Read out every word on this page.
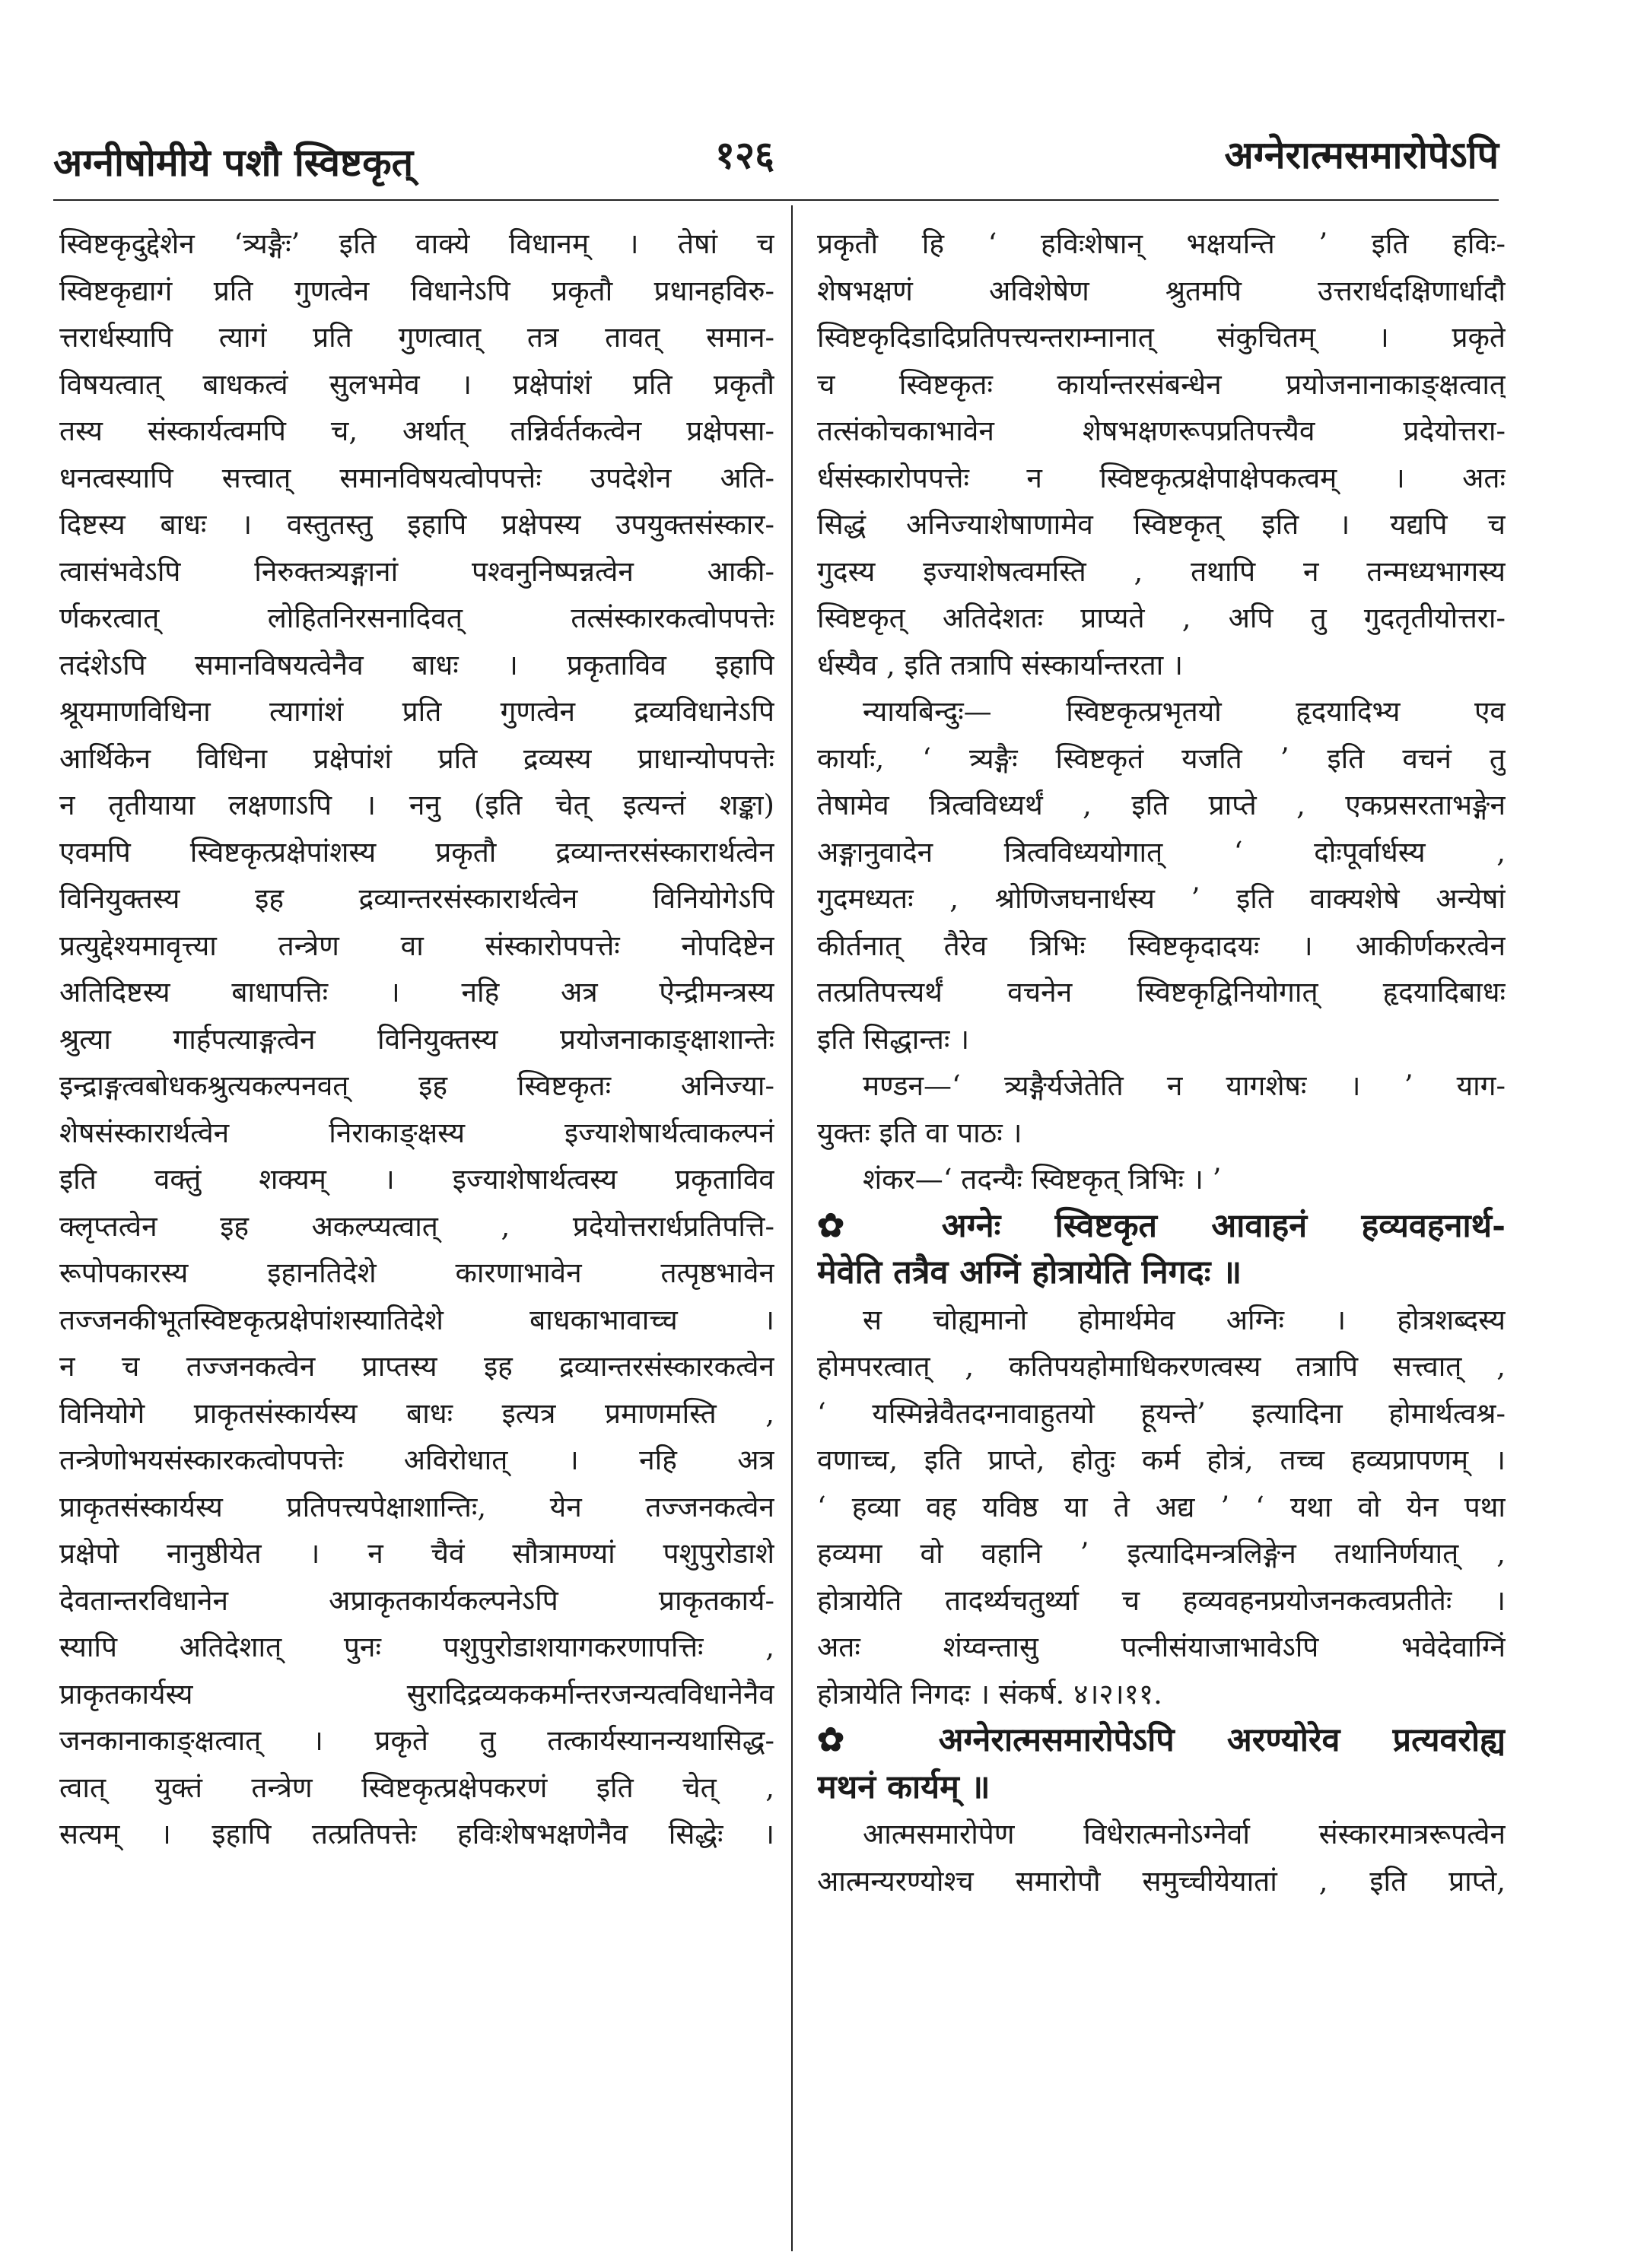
अग्नीषोमीये पशौ स्विष्टकृत्	१२६	अग्नेरात्मसमारोपेऽपि
स्विष्टकृदुद्देशेन ‘त्र्यङ्गैः’ इति वाक्ये विधानम् । तेषां च
स्विष्टकृद्यागं प्रति गुणत्वेन विधानेऽपि प्रकृतौ प्रधानहविरु-
त्तरार्धस्यापि त्यागं प्रति गुणत्वात् तत्र तावत् समान-
विषयत्वात् बाधकत्वं सुलभमेव । प्रक्षेपांशं प्रति प्रकृतौ
तस्य संस्कार्यत्वमपि च, अर्थात् तन्निर्वर्तकत्वेन प्रक्षेपसा-
धनत्वस्यापि सत्त्वात् समानविषयत्वोपपत्तेः उपदेशेन अति-
दिष्टस्य बाधः । वस्तुतस्तु इहापि प्रक्षेपस्य उपयुक्तसंस्कार-
त्वासंभवेऽपि निरुक्तत्र्यङ्गानां पश्वनुनिष्पन्नत्वेन आकी-
र्णकरत्वात् लोहितनिरसनादिवत् तत्संस्कारकत्वोपपत्तेः
तदंशेऽपि समानविषयत्वेनैव बाधः । प्रकृताविव इहापि
श्रूयमाणविधिना त्यागांशं प्रति गुणत्वेन द्रव्यविधानेऽपि
आर्थिकेन विधिना प्रक्षेपांशं प्रति द्रव्यस्य प्राधान्योपपत्तेः
न तृतीयाया लक्षणाऽपि । ननु (इति चेत् इत्यन्तं शङ्का)
एवमपि स्विष्टकृत्प्रक्षेपांशस्य प्रकृतौ द्रव्यान्तरसंस्कारार्थत्वेन
विनियुक्तस्य इह द्रव्यान्तरसंस्कारार्थत्वेन विनियोगेऽपि
प्रत्युद्देश्यमावृत्त्या तन्त्रेण वा संस्कारोपपत्तेः नोपदिष्टेन
अतिदिष्टस्य बाधापत्तिः । नहि अत्र ऐन्द्रीमन्त्रस्य
श्रुत्या गार्हपत्याङ्गत्वेन विनियुक्तस्य प्रयोजनाकाङ्क्षाशान्तेः
इन्द्राङ्गत्वबोधकश्रुत्यकल्पनवत् इह स्विष्टकृतः अनिज्या-
शेषसंस्कारार्थत्वेन निराकाङ्क्षस्य इज्याशेषार्थत्वाकल्पनं
इति वक्तुं शक्यम् । इज्याशेषार्थत्वस्य प्रकृताविव
क्लृप्तत्वेन इह अकल्प्यत्वात् , प्रदेयोत्तरार्धप्रतिपत्ति-
रूपोपकारस्य इहानतिदेशे कारणाभावेन तत्पृष्ठभावेन
तज्जनकीभूतस्विष्टकृत्प्रक्षेपांशस्यातिदेशे बाधकाभावाच्च ।
न च तज्जनकत्वेन प्राप्तस्य इह द्रव्यान्तरसंस्कारकत्वेन
विनियोगे प्राकृतसंस्कार्यस्य बाधः इत्यत्र प्रमाणमस्ति ,
तन्त्रेणोभयसंस्कारकत्वोपपत्तेः अविरोधात् । नहि अत्र
प्राकृतसंस्कार्यस्य प्रतिपत्त्यपेक्षाशान्तिः, येन तज्जनकत्वेन
प्रक्षेपो नानुष्ठीयेत । न चैवं सौत्रामण्यां पशुपुरोडाशे
देवतान्तरविधानेन अप्राकृतकार्यकल्पनेऽपि प्राकृतकार्य-
स्यापि अतिदेशात् पुनः पशुपुरोडाशयागकरणापत्तिः ,
प्राकृतकार्यस्य सुरादिद्रव्यककर्मान्तरजन्यत्वविधानेनैव
जनकानाकाङ्क्षत्वात् । प्रकृते तु तत्कार्यस्यानन्यथासिद्ध-
त्वात् युक्तं तन्त्रेण स्विष्टकृत्प्रक्षेपकरणं इति चेत् ,
सत्यम् । इहापि तत्प्रतिपत्तेः हविःशेषभक्षणेनैव सिद्धेः ।
प्रकृतौ हि ‘ हविःशेषान् भक्षयन्ति ’ इति हविः-
शेषभक्षणं अविशेषेण श्रुतमपि उत्तरार्धदक्षिणार्धादौ
स्विष्टकृदिडादिप्रतिपत्त्यन्तराम्नानात् संकुचितम् । प्रकृते
च स्विष्टकृतः कार्यान्तरसंबन्धेन प्रयोजनानाकाङ्क्षत्वात्
तत्संकोचकाभावेन शेषभक्षणरूपप्रतिपत्त्यैव प्रदेयोत्तरा-
र्धसंस्कारोपपत्तेः न स्विष्टकृत्प्रक्षेपाक्षेपकत्वम् । अतः
सिद्धं अनिज्याशेषाणामेव स्विष्टकृत् इति । यद्यपि च
गुदस्य इज्याशेषत्वमस्ति , तथापि न तन्मध्यभागस्य
स्विष्टकृत् अतिदेशतः प्राप्यते , अपि तु गुदतृतीयोत्तरा-
र्धस्यैव , इति तत्रापि संस्कार्यान्तरता ।
न्यायबिन्दुः— स्विष्टकृत्प्रभृतयो हृदयादिभ्य एव
कार्याः, ‘ त्र्यङ्गैः स्विष्टकृतं यजति ’ इति वचनं तु
तेषामेव त्रित्वविध्यर्थं , इति प्राप्ते , एकप्रसरताभङ्गेन
अङ्गानुवादेन त्रित्वविध्ययोगात् ‘ दोःपूर्वार्धस्य ,
गुदमध्यतः , श्रोणिजघनार्धस्य ’ इति वाक्यशेषे अन्येषां
कीर्तनात् तैरेव त्रिभिः स्विष्टकृदादयः । आकीर्णकरत्वेन
तत्प्रतिपत्त्यर्थं वचनेन स्विष्टकृद्विनियोगात् हृदयादिबाधः
इति सिद्धान्तः ।
मण्डन—‘ त्र्यङ्गैर्यजेतेति न यागशेषः । ’ याग-
युक्तः इति वा पाठः ।
शंकर—‘ तदन्यैः स्विष्टकृत् त्रिभिः । ’
✿ अग्नेः स्विष्टकृत आवाहनं हव्यवहनार्थ-
मेवेति तत्रैव अग्निं होत्रायेति निगदः ॥
स चोह्यमानो होमार्थमेव अग्निः । होत्रशब्दस्य
होमपरत्वात् , कतिपयहोमाधिकरणत्वस्य तत्रापि सत्त्वात् ,
‘ यस्मिन्नेवैतदग्नावाहुतयो हूयन्ते’ इत्यादिना होमार्थत्वश्र-
वणाच्च, इति प्राप्ते, होतुः कर्म होत्रं, तच्च हव्यप्रापणम् ।
‘ हव्या वह यविष्ठ या ते अद्य ’ ‘ यथा वो येन पथा
हव्यमा वो वहानि ’ इत्यादिमन्त्रलिङ्गेन तथानिर्णयात् ,
होत्रायेति तादर्थ्यचतुर्थ्या च हव्यवहनप्रयोजनकत्वप्रतीतेः ।
अतः शंय्वन्तासु पत्नीसंयाजाभावेऽपि भवेदेवाग्निं
होत्रायेति निगदः । संकर्ष. ४।२।११.
✿ अग्नेरात्मसमारोपेऽपि अरण्योरेव प्रत्यवरोह्य
मथनं कार्यम् ॥
आत्मसमारोपेण विधेरात्मनोऽग्नेर्वा संस्कारमात्ररूपत्वेन
आत्मन्यरण्योश्च समारोपौ समुच्चीयेयातां , इति प्राप्ते,
